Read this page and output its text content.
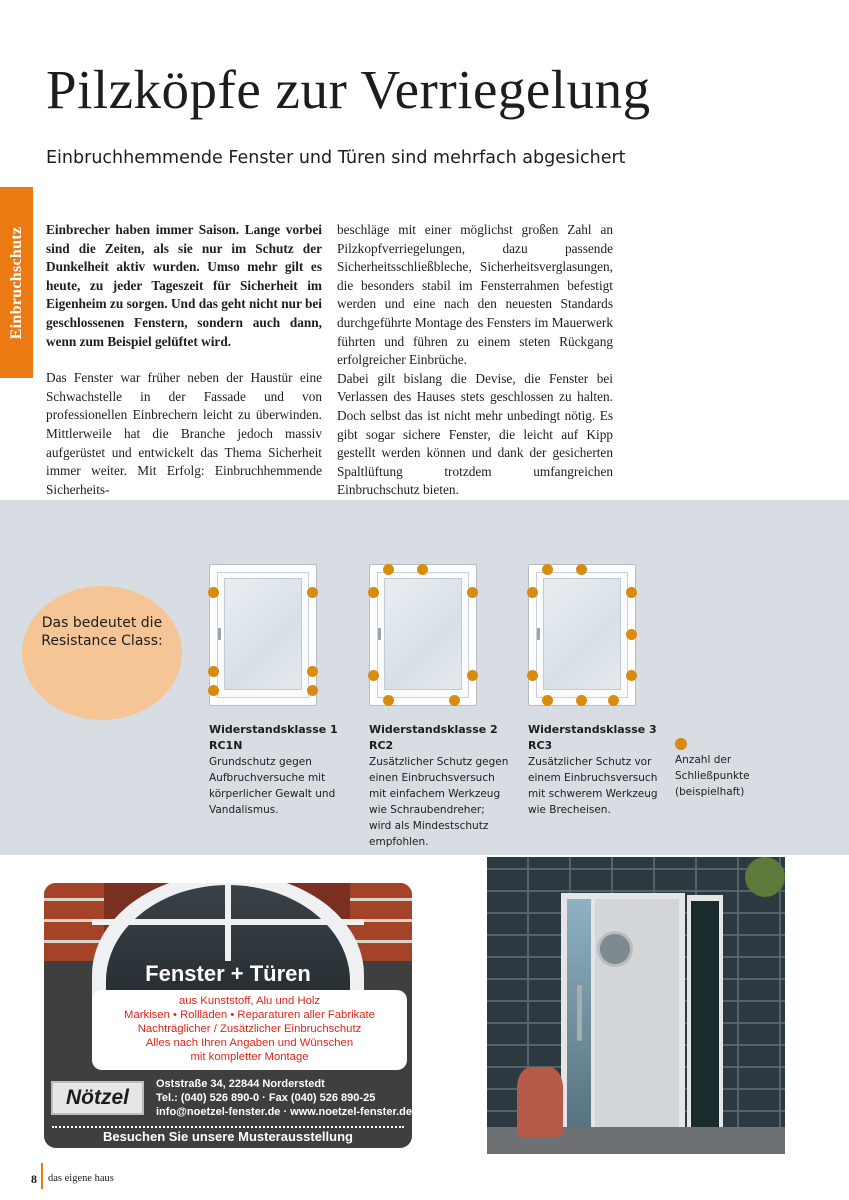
Pilzköpfe zur Verriegelung
Einbruchhemmende Fenster und Türen sind mehrfach abgesichert
Einbruchschutz Einbrecher haben immer Saison. Lange vorbei sind die Zeiten, als sie nur im Schutz der Dunkelheit aktiv wurden. Umso mehr gilt es heute, zu jeder Tageszeit für Sicherheit im Eigenheim zu sorgen. Und das geht nicht nur bei geschlossenen Fenstern, sondern auch dann, wenn zum Beispiel gelüftet wird.

Das Fenster war früher neben der Haustür eine Schwachstelle in der Fassade und von professionellen Einbrechern leicht zu überwinden. Mittlerweile hat die Branche jedoch massiv aufgerüstet und entwickelt das Thema Sicherheit immer weiter. Mit Erfolg: Einbruchhemmende Sicherheits-

beschläge mit einer möglichst großen Zahl an Pilzkopfverriegelungen, dazu passende Sicherheitsschließbleche, Sicherheitsverglasungen, die besonders stabil im Fensterrahmen befestigt werden und eine nach den neuesten Standards durchgeführte Montage des Fensters im Mauerwerk führten und führen zu einem steten Rückgang erfolgreicher Einbrüche.

Dabei gilt bislang die Devise, die Fenster bei Verlassen des Hauses stets geschlossen zu halten. Doch selbst das ist nicht mehr unbedingt nötig. Es gibt sogar sichere Fenster, die leicht auf Kipp gestellt werden können und dank der gesicherten Spaltlüftung trotzdem umfangreichen Einbruchschutz bieten.

Das bedeutet die Resistance Class:
Widerstandsklasse 1
RC1N
Grundschutz gegen Aufbruchversuche mit körperlicher Gewalt und Vandalismus.
Widerstandsklasse 2
RC2
Zusätzlicher Schutz gegen einen Einbruchsversuch mit einfachem Werkzeug wie Schraubendreher; wird als Mindestschutz empfohlen.
Widerstandsklasse 3
RC3
Zusätzlicher Schutz vor einem Einbruchsversuch mit schwerem Werkzeug wie Brecheisen.
Anzahl der Schließpunkte (beispielhaft)
Fenster + Türen
aus Kunststoff, Alu und Holz
Markisen • Rollläden • Reparaturen aller Fabrikate
Nachträglicher / Zusätzlicher Einbruchschutz
Alles nach Ihren Angaben und Wünschen
mit kompletter Montage
Nötzel
Oststraße 34, 22844 Norderstedt
Tel.: (040) 526 890-0 · Fax (040) 526 890-25
info@noetzel-fenster.de · www.noetzel-fenster.de
Besuchen Sie unsere Musterausstellung
8 das eigene haus
